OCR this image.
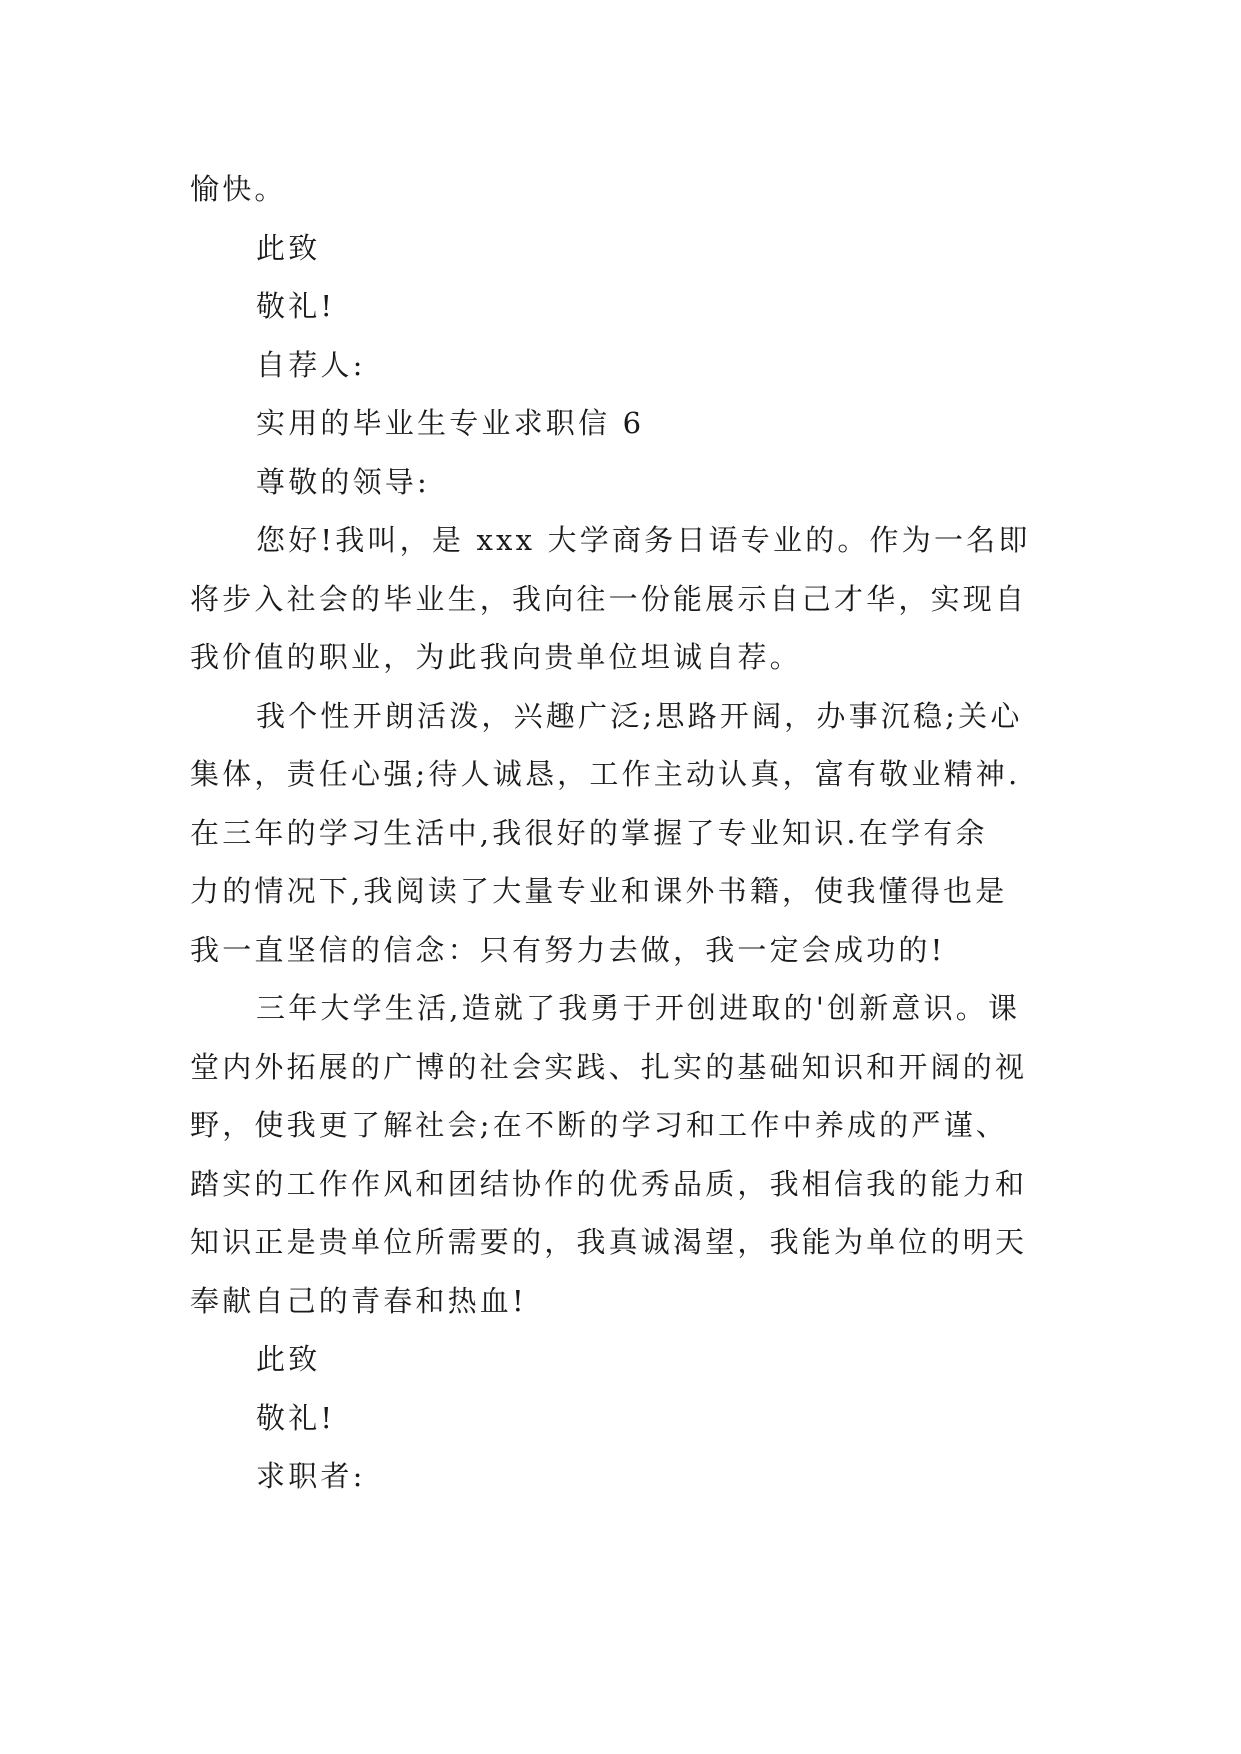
愉快。
此致
敬礼!
自荐人:
实用的毕业生专业求职信 6
尊敬的领导:
您好!我叫，是 xxx 大学商务日语专业的。作为一名即
将步入社会的毕业生，我向往一份能展示自己才华，实现自
我价值的职业，为此我向贵单位坦诚自荐。
我个性开朗活泼，兴趣广泛;思路开阔，办事沉稳;关心
集体，责任心强;待人诚恳，工作主动认真，富有敬业精神.
在三年的学习生活中,我很好的掌握了专业知识.在学有余
力的情况下,我阅读了大量专业和课外书籍，使我懂得也是
我一直坚信的信念：只有努力去做，我一定会成功的!
三年大学生活,造就了我勇于开创进取的'创新意识。课
堂内外拓展的广博的社会实践、扎实的基础知识和开阔的视
野，使我更了解社会;在不断的学习和工作中养成的严谨、
踏实的工作作风和团结协作的优秀品质，我相信我的能力和
知识正是贵单位所需要的，我真诚渴望，我能为单位的明天
奉献自己的青春和热血!
此致
敬礼!
求职者:
